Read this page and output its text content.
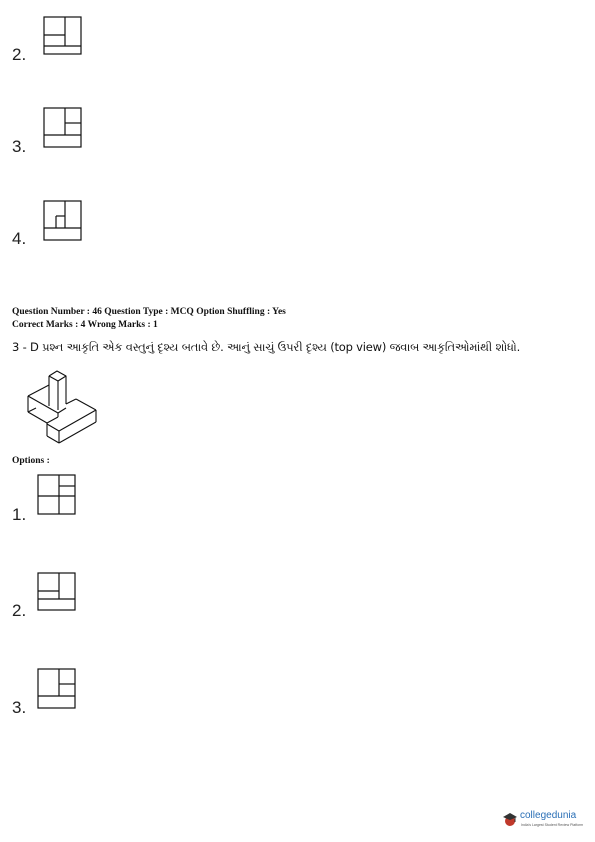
2.
3.
4.
Question Number : 46 Question Type : MCQ Option Shuffling : Yes
Correct Marks : 4 Wrong Marks : 1
3 - D પ્રશ્ન આકૃતિ એક વસ્તુનું દૃશ્ય બતાવે છે. આનું સાચું ઉપરી દૃશ્ય (top view) જવાબ આકૃતિઓમાંથી શોધો.
Options :
1.
2.
3.
collegedunia
India's Largest Student Review Platform
